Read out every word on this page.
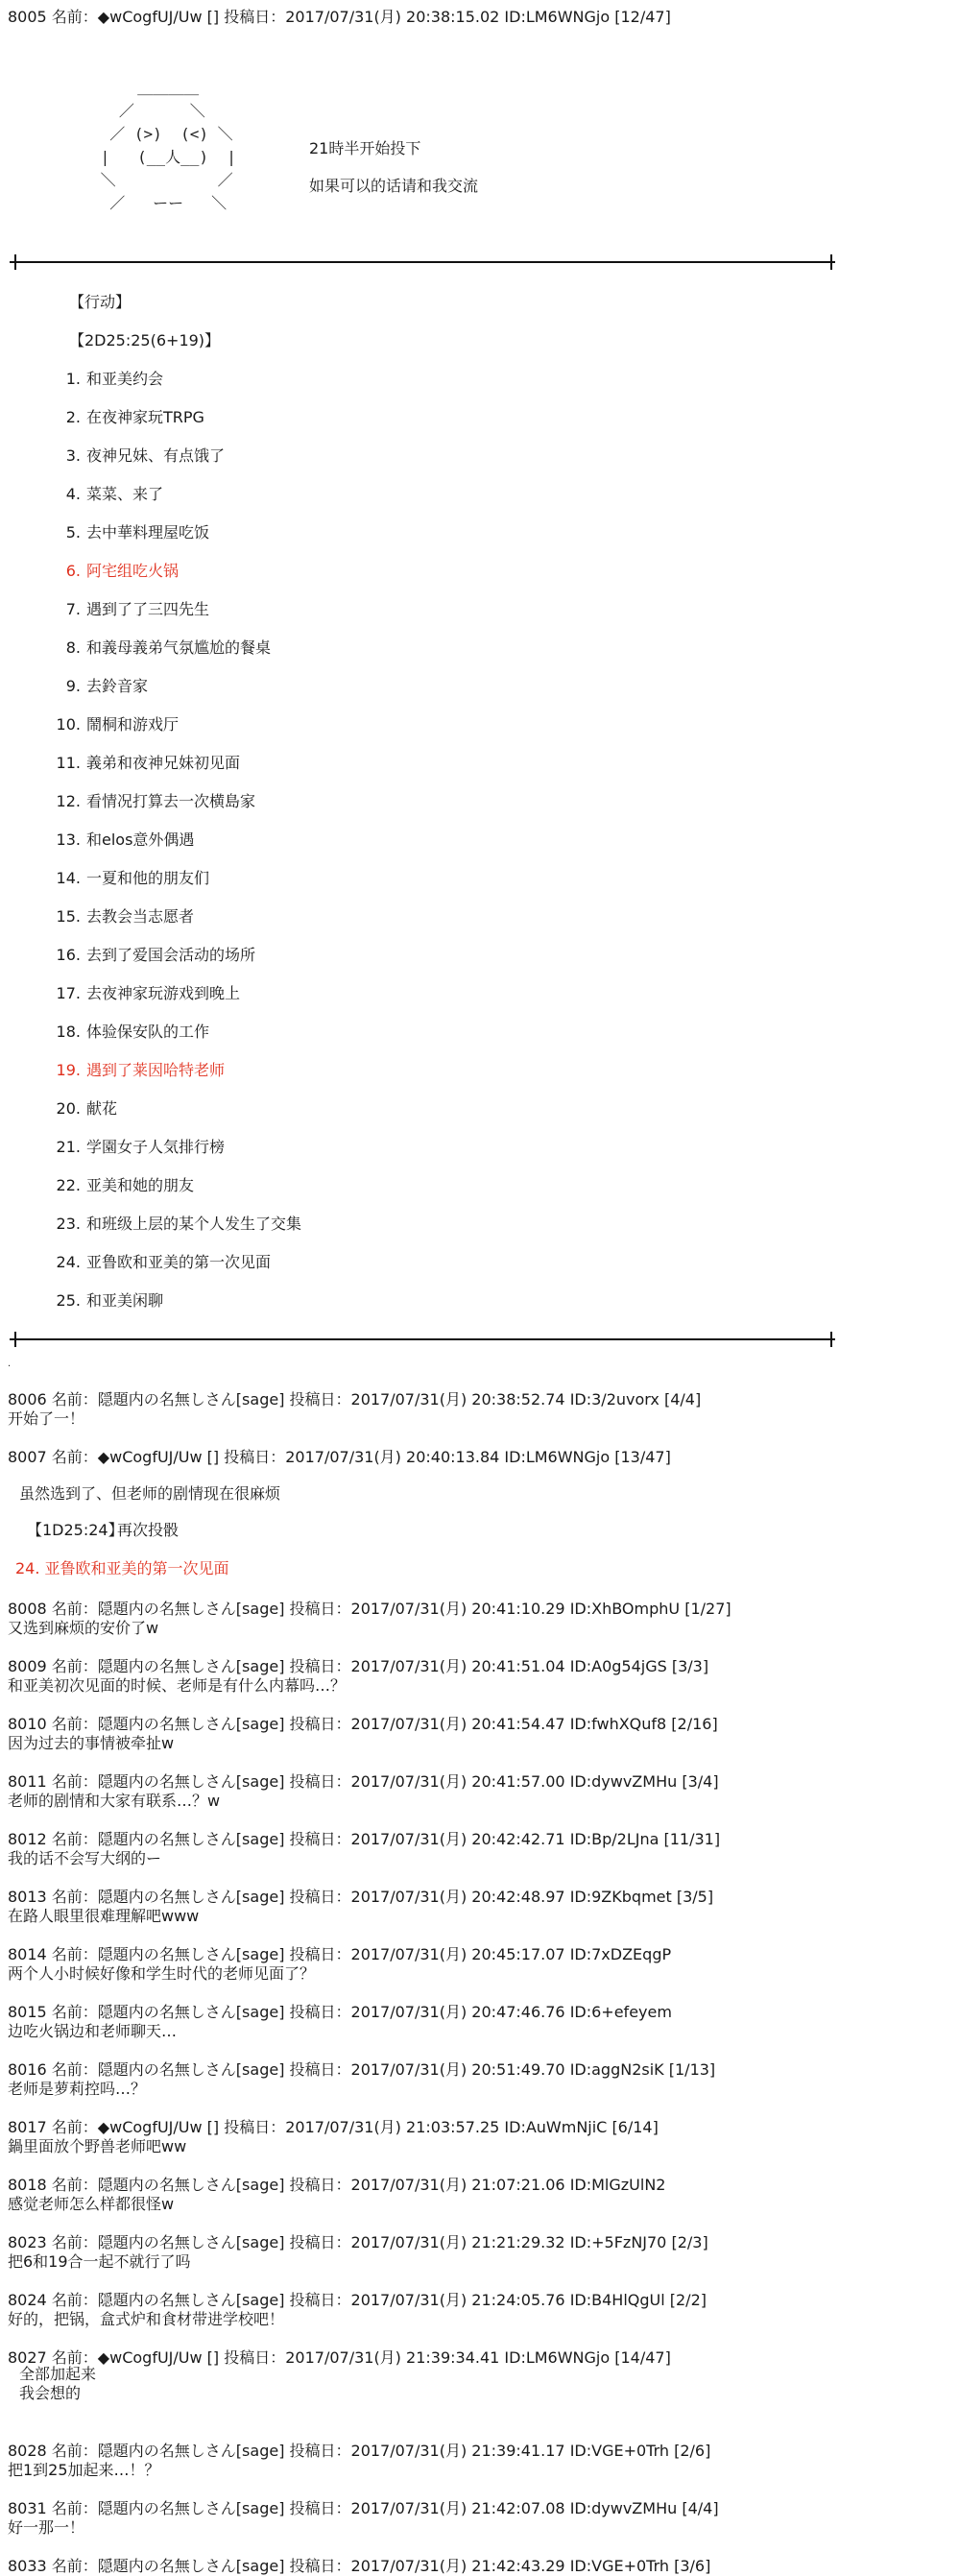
8005 名前：◆wCogfUJ/Uw [] 投稿日：2017/07/31(月) 20:38:15.02 ID:LM6WNGjo [12/47]
＿＿＿＿
／      ＼
／ (>)  (<) ＼
|   (__人__)  |
＼           ／
／   ーー   ＼
21時半开始投下
如果可以的话请和我交流
【行动】
【2D25:25(6+19)】
1. 和亚美约会
2. 在夜神家玩TRPG
3. 夜神兄妹、有点饿了
4. 菜菜、来了
5. 去中華料理屋吃饭
6. 阿宅组吃火锅
7. 遇到了了三四先生
8. 和義母義弟气氛尴尬的餐桌
9. 去鈴音家
10. 鬧桐和游戏厅
11. 義弟和夜神兄妹初见面
12. 看情况打算去一次横島家
13. 和elos意外偶遇
14. 一夏和他的朋友们
15. 去教会当志愿者
16. 去到了爱国会活动的场所
17. 去夜神家玩游戏到晚上
18. 体验保安队的工作
19. 遇到了莱因哈特老师
20. 献花
21. 学園女子人気排行榜
22. 亚美和她的朋友
23. 和班级上层的某个人发生了交集
24. 亚鲁欧和亚美的第一次见面
25. 和亚美闲聊
.
8006 名前：隠題内の名無しさん[sage] 投稿日：2017/07/31(月) 20:38:52.74 ID:3/2uvorx [4/4]
开始了一！
8007 名前：◆wCogfUJ/Uw [] 投稿日：2017/07/31(月) 20:40:13.84 ID:LM6WNGjo [13/47]
8008 名前：隠題内の名無しさん[sage] 投稿日：2017/07/31(月) 20:41:10.29 ID:XhBOmphU [1/27]
又选到麻烦的安价了w
8009 名前：隠題内の名無しさん[sage] 投稿日：2017/07/31(月) 20:41:51.04 ID:A0g54jGS [3/3]
和亚美初次见面的时候、老师是有什么内幕吗…？
8010 名前：隠題内の名無しさん[sage] 投稿日：2017/07/31(月) 20:41:54.47 ID:fwhXQuf8 [2/16]
因为过去的事情被牵扯w
8011 名前：隠題内の名無しさん[sage] 投稿日：2017/07/31(月) 20:41:57.00 ID:dywvZMHu [3/4]
老师的剧情和大家有联系…？w
8012 名前：隠題内の名無しさん[sage] 投稿日：2017/07/31(月) 20:42:42.71 ID:Bp/2LJna [11/31]
我的话不会写大纲的ー
8013 名前：隠題内の名無しさん[sage] 投稿日：2017/07/31(月) 20:42:48.97 ID:9ZKbqmet [3/5]
在路人眼里很难理解吧www
8014 名前：隠題内の名無しさん[sage] 投稿日：2017/07/31(月) 20:45:17.07 ID:7xDZEqgP
两个人小时候好像和学生时代的老师见面了？
8015 名前：隠題内の名無しさん[sage] 投稿日：2017/07/31(月) 20:47:46.76 ID:6+efeyem
边吃火锅边和老师聊天…
8016 名前：隠題内の名無しさん[sage] 投稿日：2017/07/31(月) 20:51:49.70 ID:aggN2siK [1/13]
老师是萝莉控吗…？
8017 名前：◆wCogfUJ/Uw [] 投稿日：2017/07/31(月) 21:03:57.25 ID:AuWmNjiC [6/14]
鍋里面放个野兽老师吧ww
8018 名前：隠題内の名無しさん[sage] 投稿日：2017/07/31(月) 21:07:21.06 ID:MlGzUlN2
感觉老师怎么样都很怪w
8023 名前：隠題内の名無しさん[sage] 投稿日：2017/07/31(月) 21:21:29.32 ID:+5FzNJ70 [2/3]
把6和19合一起不就行了吗
8024 名前：隠題内の名無しさん[sage] 投稿日：2017/07/31(月) 21:24:05.76 ID:B4HlQgUl [2/2]
好的，把锅，盒式炉和食材带进学校吧！
8027 名前：◆wCogfUJ/Uw [] 投稿日：2017/07/31(月) 21:39:34.41 ID:LM6WNGjo [14/47]
8028 名前：隠題内の名無しさん[sage] 投稿日：2017/07/31(月) 21:39:41.17 ID:VGE+0Trh [2/6]
8031 名前：隠題内の名無しさん[sage] 投稿日：2017/07/31(月) 21:42:07.08 ID:dywvZMHu [4/4]
把1到25加起来…！？
8033 名前：隠題内の名無しさん[sage] 投稿日：2017/07/31(月) 21:42:43.29 ID:VGE+0Trh [3/6]
好一那一！
虽然选到了、但老师的剧情现在很麻烦
【1D25:24】
再次投骰
24. 亚鲁欧和亚美的第一次见面
全部加起来
我会想的
